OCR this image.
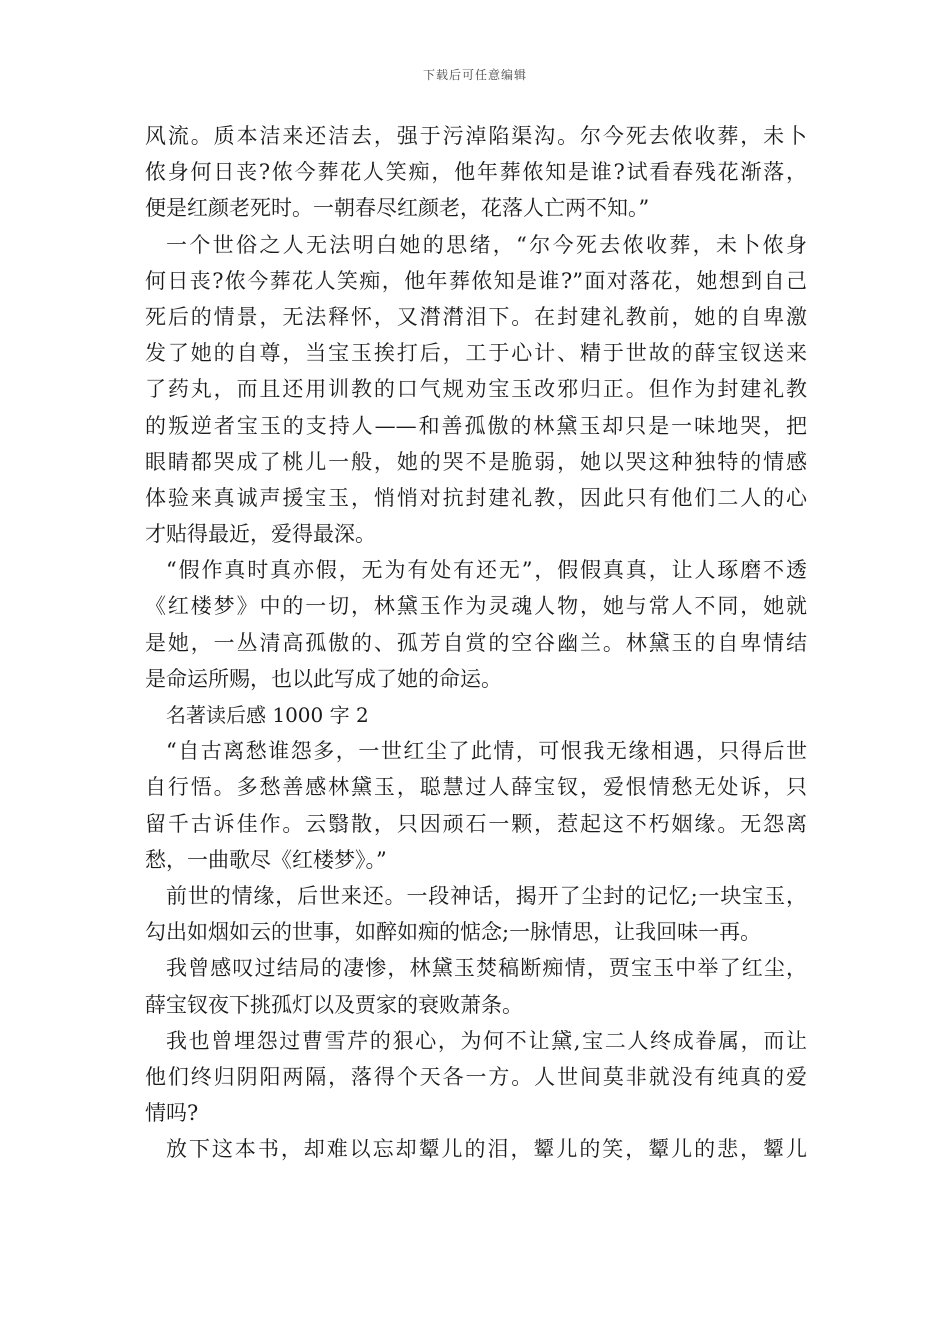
下载后可任意编辑
风流。质本洁来还洁去，强于污淖陷渠沟。尔今死去侬收葬，未卜
侬身何日丧?侬今葬花人笑痴，他年葬侬知是谁?试看春残花渐落，
便是红颜老死时。一朝春尽红颜老，花落人亡两不知。”
一个世俗之人无法明白她的思绪，“尔今死去侬收葬，未卜侬身
何日丧?侬今葬花人笑痴，他年葬侬知是谁?”面对落花，她想到自己
死后的情景，无法释怀，又潸潸泪下。在封建礼教前，她的自卑激
发了她的自尊，当宝玉挨打后，工于心计、精于世故的薛宝钗送来
了药丸，而且还用训教的口气规劝宝玉改邪归正。但作为封建礼教
的叛逆者宝玉的支持人——和善孤傲的林黛玉却只是一味地哭，把
眼睛都哭成了桃儿一般，她的哭不是脆弱，她以哭这种独特的情感
体验来真诚声援宝玉，悄悄对抗封建礼教，因此只有他们二人的心
才贴得最近，爱得最深。
“假作真时真亦假，无为有处有还无”，假假真真，让人琢磨不透
《红楼梦》中的一切，林黛玉作为灵魂人物，她与常人不同，她就
是她，一丛清高孤傲的、孤芳自赏的空谷幽兰。林黛玉的自卑情结
是命运所赐，也以此写成了她的命运。
名著读后感 1000 字 2
“自古离愁谁怨多，一世红尘了此情，可恨我无缘相遇，只得后世
自行悟。多愁善感林黛玉，聪慧过人薛宝钗，爱恨情愁无处诉，只
留千古诉佳作。云翳散，只因顽石一颗，惹起这不朽姻缘。无怨离
愁，一曲歌尽《红楼梦》。”
前世的情缘，后世来还。一段神话，揭开了尘封的记忆;一块宝玉，
勾出如烟如云的世事，如醉如痴的惦念;一脉情思，让我回味一再。
我曾感叹过结局的凄惨，林黛玉焚稿断痴情，贾宝玉中举了红尘，
薛宝钗夜下挑孤灯以及贾家的衰败萧条。
我也曾埋怨过曹雪芹的狠心，为何不让黛,宝二人终成眷属，而让
他们终归阴阳两隔，落得个天各一方。人世间莫非就没有纯真的爱
情吗?
放下这本书，却难以忘却颦儿的泪，颦儿的笑，颦儿的悲，颦儿
